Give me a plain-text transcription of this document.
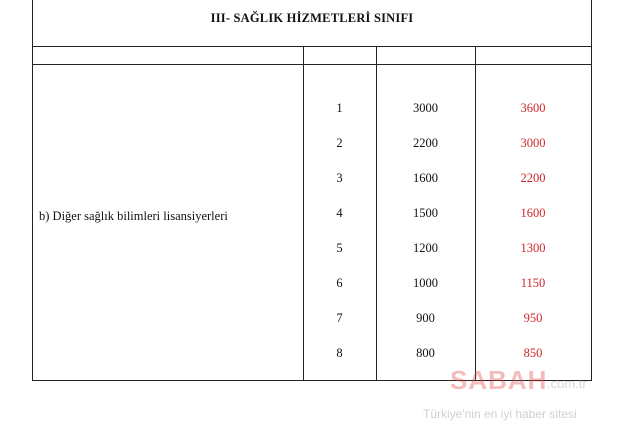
III- SAĞLIK HİZMETLERİ SINIFI
b) Diğer sağlık bilimleri lisansiyerleri
1	3000	3600
2	2200	3000
3	1600	2200
4	1500	1600
5	1200	1300
6	1000	1150
7	900	950
8	800	850
SABAH .com.tr
Türkiye'nin en iyi haber sitesi
